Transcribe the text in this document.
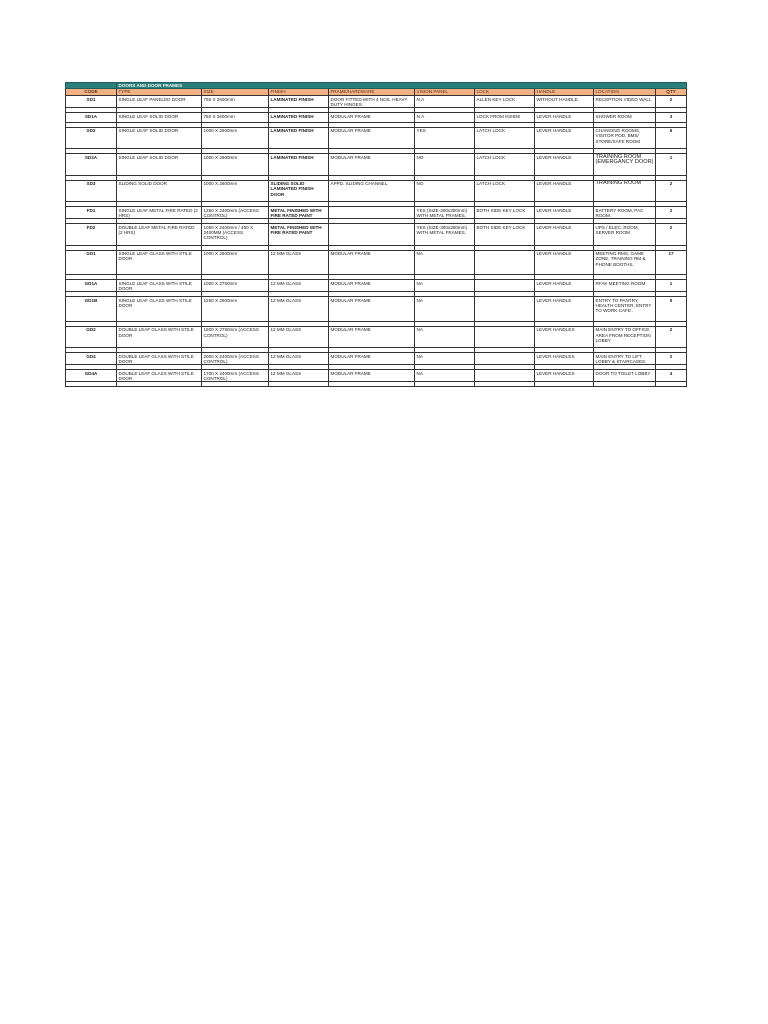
	DOORS AND DOOR FRAMES								
CODE	TYPE	SIZE	FINISH	FRAME/HARDWARE	VISION PANEL	LOCK	HANDLE	LOCATION	QTY
SD1	SINGLE LEAF PANELED DOOR	750 X 2600mm	LAMINATED FINISH	DOOR FITTED WITH 4 NOS. HEAVY DUTY HINGES.	N.A	ALLEN KEY LOCK	WITHOUT HANDLE.	RECEPTION VIDEO WALL	2

SD1A	SINGLE LEAF SOLID DOOR	750 X 2600mm	LAMINATED FINISH	MODULAR FRAME	N.A	LOCK FROM INSIDE	LEVER HANDLE	SHOWER ROOM	3

SD2	SINGLE LEAF SOLID DOOR	1000 X 2600mm	LAMINATED FINISH	MODULAR FRAME	YES	LATCH LOCK	LEVER HANDLE	CHANGING ROOMS, VISITOR POD, BMS/ STORE/SAFE ROOM	6

SD2A	SINGLE LEAF SOLID DOOR	1000 X 2600mm	LAMINATED FINISH	MODULAR FRAME	NO	LATCH LOCK	LEVER HANDLE	TRAINING ROOM (EMERGANCY DOOR)	1

SD3	SLIDING SOLID DOOR	1000 X 2600mm	SLIDING SOLID LAMINATED FINISH DOOR	APPD. SLIDING CHANNEL.	NO	LATCH LOCK	LEVER HANDLE	TRAINING ROOM	2

FD1	SINGLE LEAF METAL FIRE RATED (2 HRS)	1250 X 2400mm (ACCESS CONTROL)	METAL FINISHED WITH FIRE RATED PAINT		YES (SIZE-300x300mm) WITH METAL FRAMES.	BOTH SIDE KEY LOCK	LEVER HANDLE	BATTERY ROOM, PAC ROOM.	2

FD2	DOUBLE LEAF METAL FIRE RATED (2 HRS)	1050 X 2400mm / 450 X 2400MM (ACCESS CONTROL)	METAL FINISHED WITH FIRE RATED PAINT		YES (SIZE-300x300mm) WITH METAL FRAMES.	BOTH SIDE KEY LOCK	LEVER HANDLE	UPS / ELEC. ROOM, SERVER ROOM	2

GD1	SINGLE LEAF GLASS WITH STILE DOOR	1000 X 2600mm	12 MM GLASS	MODULAR FRAME	NA		LEVER HANDLE	MEETING RMS, GAME ZONE, TRAINING RM & PHONE BOOTHS.	17

GD1A	SINGLE LEAF GLASS WITH STILE DOOR	1000 X 2750mm	12 MM GLASS	MODULAR FRAME	NA		LEVER HANDLE	RFAK MEETING ROOM	1

GD1B	SINGLE LEAF GLASS WITH STILE DOOR	1250 X 2600mm	12 MM GLASS	MODULAR FRAME	NA		LEVER HANDLE	ENTRY TO PANTRY, HEALTH CENTER, ENTRY TO WORK CAFE .	5

GD2	DOUBLE LEAF GLASS WITH STILE DOOR	1800 X 2750mm (ACCESS CONTROL)	12 MM GLASS	MODULAR FRAME	NA		LEVER HANDLES	MAIN ENTRY TO OFFICE AREA FROM RECEPTION LOBBY	2

GD4	DOUBLE LEAF GLASS WITH STILE DOOR	2000 X 2400mm (ACCESS CONTROL)	12 MM GLASS	MODULAR FRAME	NA		LEVER HANDLES	MAIN ENTRY TO LIFT LOBBY & STAIRCASES.	2

GD4A	DOUBLE LEAF GLASS WITH STILE DOOR	1700 X 2400mm (ACCESS CONTROL)	12 MM GLASS	MODULAR FRAME	NA		LEVER HANDLES	DOOR TO TOILET LOBBY	4
